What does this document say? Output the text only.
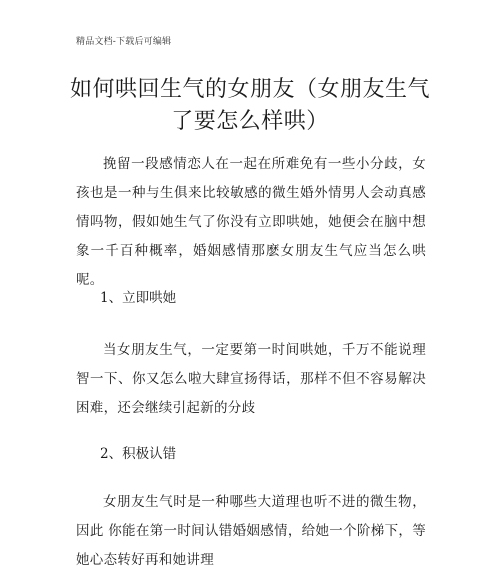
精品文档-下载后可编辑
如何哄回生气的女朋友（女朋友生气了要怎么样哄）

挽留一段感情恋人在一起在所难免有一些小分歧，女孩也是一种与生俱来比较敏感的微生婚外情男人会动真感情吗物，假如她生气了你没有立即哄她，她便会在脑中想象一千百种概率，婚姻感情那麽女朋友生气应当怎么哄呢。

1、立即哄她

当女朋友生气，一定要第一时间哄她，千万不能说理智一下、你又怎么啦大肆宣扬得话，那样不但不容易解决困难，还会继续引起新的分歧

2、积极认错

女朋友生气时是一种哪些大道理也听不进的微生物，因此 你能在第一时间认错婚姻感情，给她一个阶梯下，等她心态转好再和她讲理
